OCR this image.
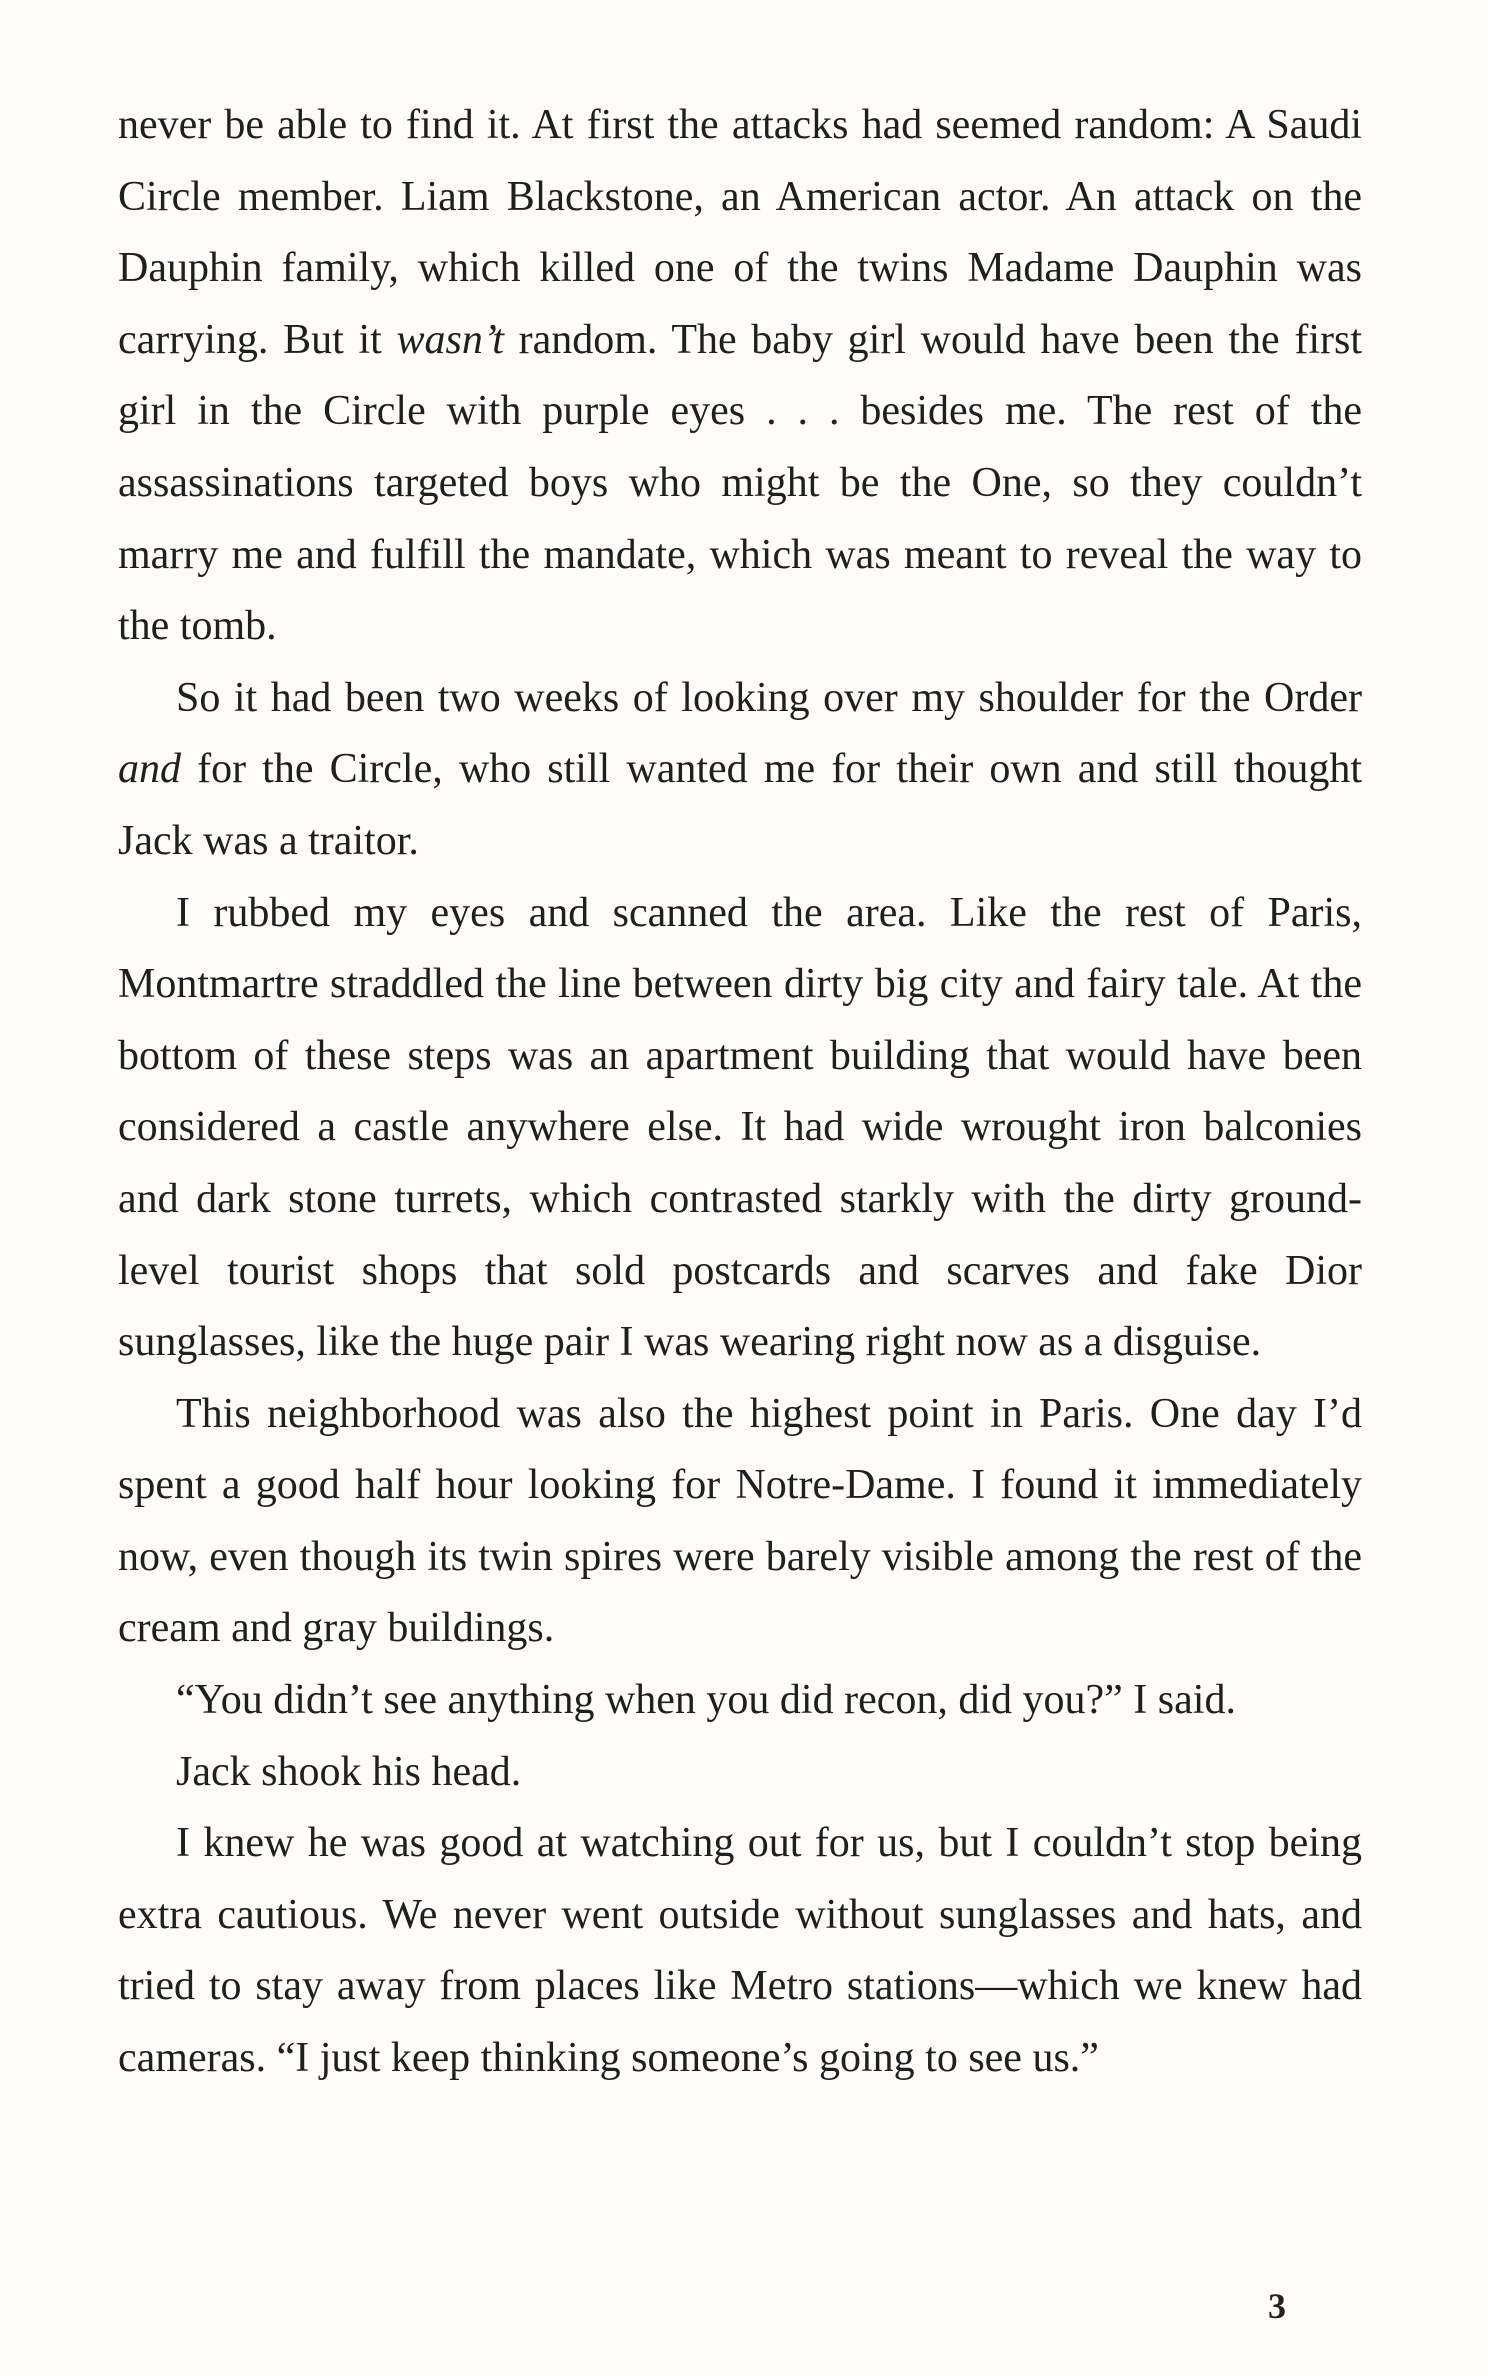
never be able to find it. At first the attacks had seemed random: A Saudi Circle member. Liam Blackstone, an American actor. An attack on the Dauphin family, which killed one of the twins Madame Dauphin was carrying. But it wasn’t random. The baby girl would have been the first girl in the Circle with purple eyes . . . besides me. The rest of the assassinations targeted boys who might be the One, so they couldn’t marry me and fulfill the mandate, which was meant to reveal the way to the tomb.

So it had been two weeks of looking over my shoulder for the Order and for the Circle, who still wanted me for their own and still thought Jack was a traitor.

I rubbed my eyes and scanned the area. Like the rest of Paris, Montmartre straddled the line between dirty big city and fairy tale. At the bottom of these steps was an apartment building that would have been considered a castle anywhere else. It had wide wrought iron balconies and dark stone turrets, which contrasted starkly with the dirty ground-level tourist shops that sold postcards and scarves and fake Dior sunglasses, like the huge pair I was wearing right now as a disguise.

This neighborhood was also the highest point in Paris. One day I’d spent a good half hour looking for Notre-Dame. I found it immediately now, even though its twin spires were barely visible among the rest of the cream and gray buildings.

“You didn’t see anything when you did recon, did you?” I said.

Jack shook his head.

I knew he was good at watching out for us, but I couldn’t stop being extra cautious. We never went outside without sunglasses and hats, and tried to stay away from places like Metro stations—which we knew had cameras. “I just keep thinking someone’s going to see us.”

3
